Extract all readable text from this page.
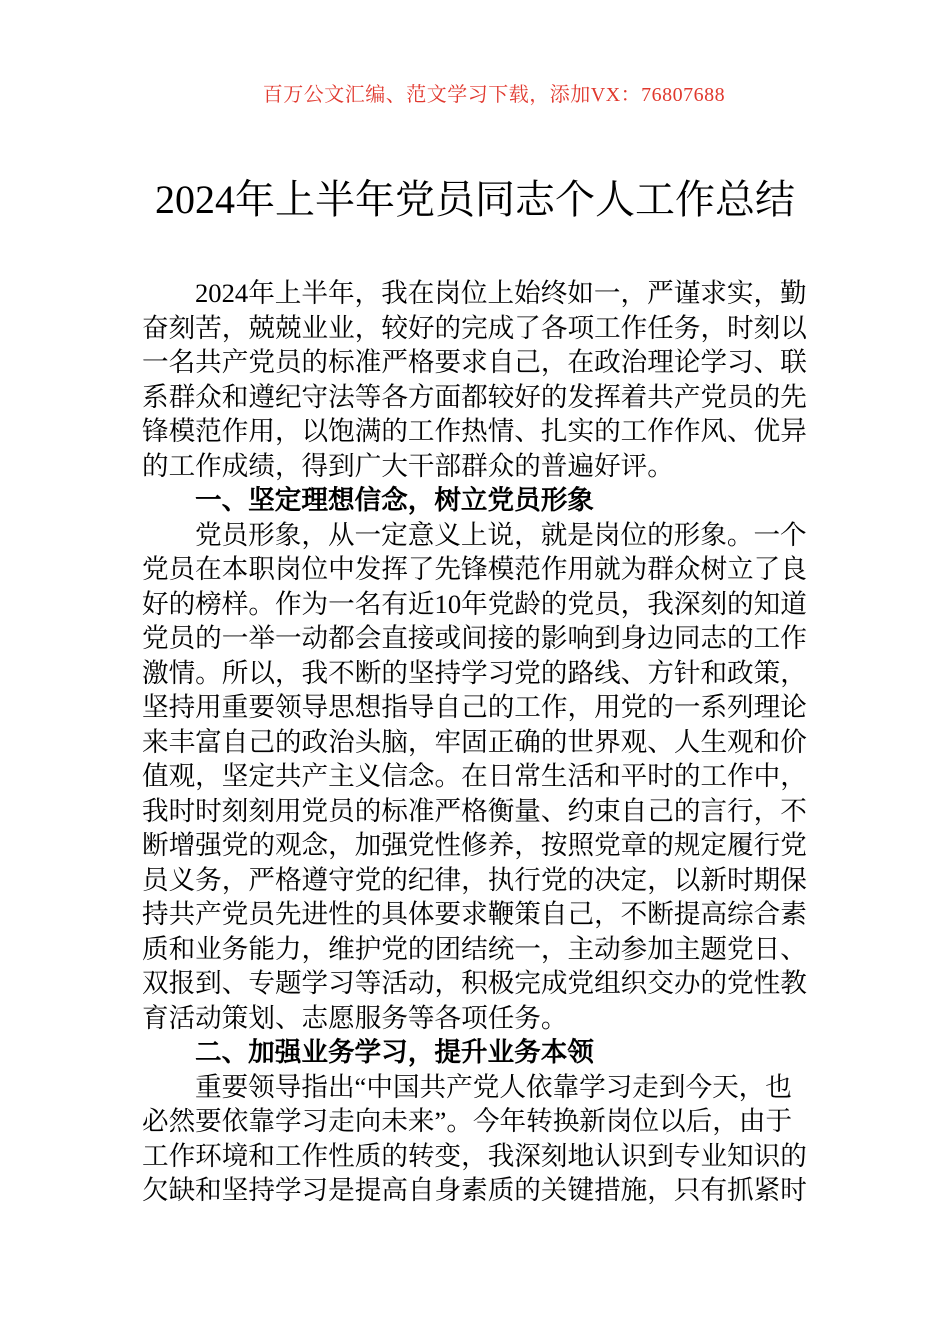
百万公文汇编、范文学习下载，添加VX：76807688
2024年上半年党员同志个人工作总结
2024年上半年，我在岗位上始终如一，严谨求实，勤
奋刻苦，兢兢业业，较好的完成了各项工作任务，时刻以
一名共产党员的标准严格要求自己，在政治理论学习、联
系群众和遵纪守法等各方面都较好的发挥着共产党员的先
锋模范作用，以饱满的工作热情、扎实的工作作风、优异
的工作成绩，得到广大干部群众的普遍好评。
一、坚定理想信念，树立党员形象
党员形象，从一定意义上说，就是岗位的形象。一个
党员在本职岗位中发挥了先锋模范作用就为群众树立了良
好的榜样。作为一名有近10年党龄的党员，我深刻的知道
党员的一举一动都会直接或间接的影响到身边同志的工作
激情。所以，我不断的坚持学习党的路线、方针和政策，
坚持用重要领导思想指导自己的工作，用党的一系列理论
来丰富自己的政治头脑，牢固正确的世界观、人生观和价
值观，坚定共产主义信念。在日常生活和平时的工作中，
我时时刻刻用党员的标准严格衡量、约束自己的言行，不
断增强党的观念，加强党性修养，按照党章的规定履行党
员义务，严格遵守党的纪律，执行党的决定，以新时期保
持共产党员先进性的具体要求鞭策自己，不断提高综合素
质和业务能力，维护党的团结统一，主动参加主题党日、
双报到、专题学习等活动，积极完成党组织交办的党性教
育活动策划、志愿服务等各项任务。
二、加强业务学习，提升业务本领
重要领导指出“中国共产党人依靠学习走到今天，也
必然要依靠学习走向未来”。今年转换新岗位以后，由于
工作环境和工作性质的转变，我深刻地认识到专业知识的
欠缺和坚持学习是提高自身素质的关键措施，只有抓紧时
